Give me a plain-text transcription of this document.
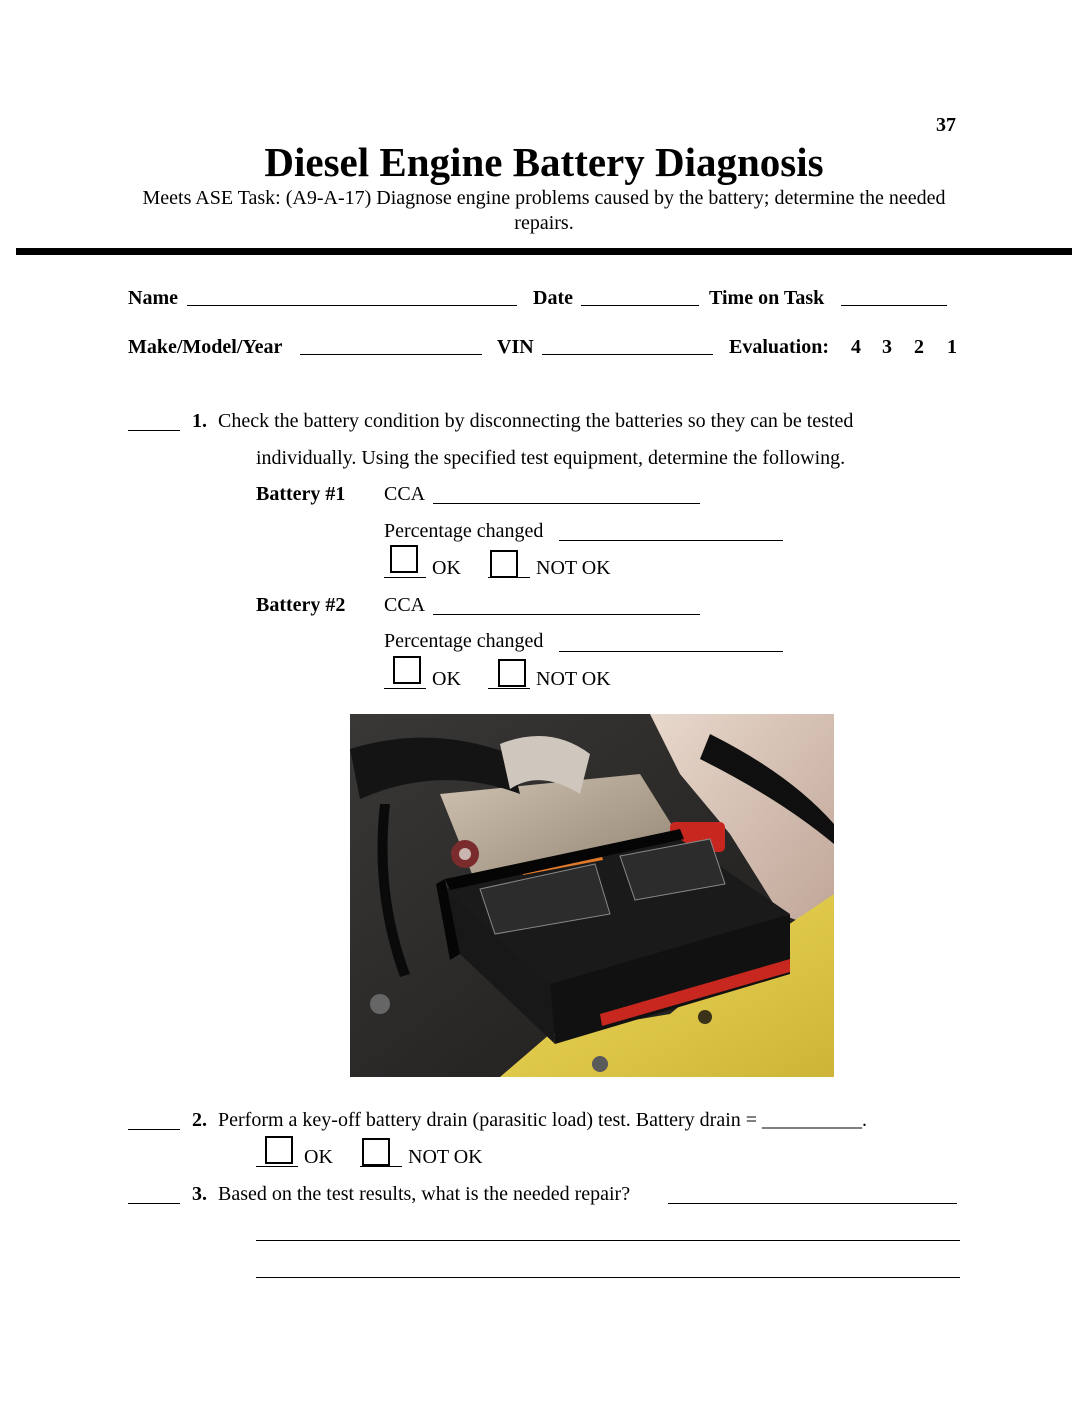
37
Diesel Engine Battery Diagnosis
Meets ASE Task: (A9-A-17) Diagnose engine problems caused by the battery; determine the needed repairs.
Name	Date	Time on Task
Make/Model/Year	VIN	Evaluation: 4 3 2 1
1. Check the battery condition by disconnecting the batteries so they can be tested
individually. Using the specified test equipment, determine the following.
Battery #1 CCA
Percentage changed
OK	NOT OK
Battery #2 CCA
Percentage changed
OK	NOT OK
2. Perform a key-off battery drain (parasitic load) test. Battery drain = __________.
OK	NOT OK
3. Based on the test results, what is the needed repair?
